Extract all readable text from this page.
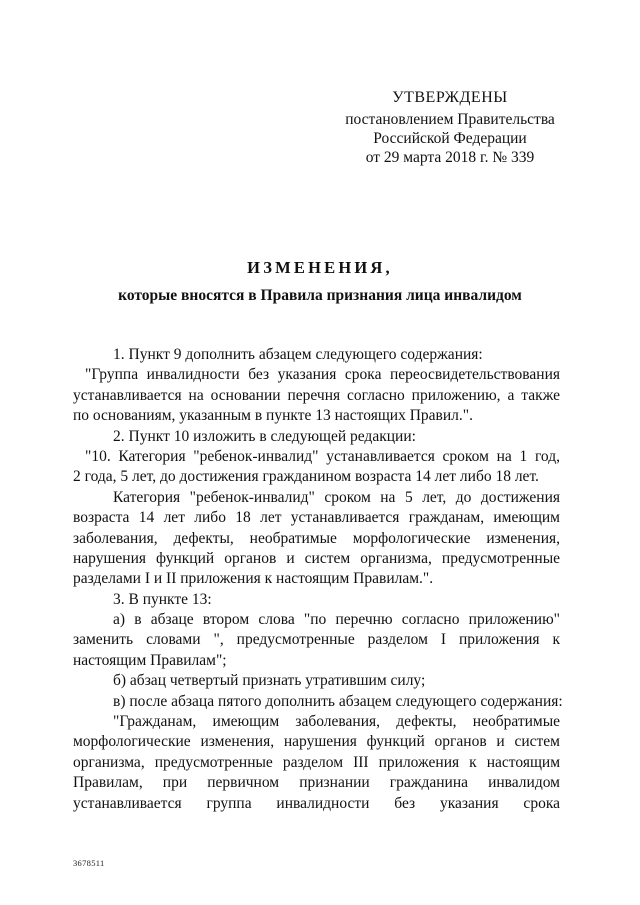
УТВЕРЖДЕНЫ
постановлением Правительства
Российской Федерации
от 29 марта 2018 г. № 339
ИЗМЕНЕНИЯ,
которые вносятся в Правила признания лица инвалидом
1. Пункт 9 дополнить абзацем следующего содержания:
"Группа инвалидности без указания срока переосвидетельствования
устанавливается на основании перечня согласно приложению, а также
по основаниям, указанным в пункте 13 настоящих Правил.".
2. Пункт 10 изложить в следующей редакции:
"10. Категория "ребенок-инвалид" устанавливается сроком на 1 год,
2 года, 5 лет, до достижения гражданином возраста 14 лет либо 18 лет.
Категория "ребенок-инвалид" сроком на 5 лет, до достижения
возраста 14 лет либо 18 лет устанавливается гражданам, имеющим
заболевания, дефекты, необратимые морфологические изменения,
нарушения функций органов и систем организма, предусмотренные
разделами I и II приложения к настоящим Правилам.".
3. В пункте 13:
а) в абзаце втором слова "по перечню согласно приложению"
заменить словами ", предусмотренные разделом I приложения к
настоящим Правилам";
б) абзац четвертый признать утратившим силу;
в) после абзаца пятого дополнить абзацем следующего содержания:
"Гражданам, имеющим заболевания, дефекты, необратимые
морфологические изменения, нарушения функций органов и систем
организма, предусмотренные разделом III приложения к настоящим
Правилам, при первичном признании гражданина инвалидом
устанавливается группа инвалидности без указания срока
3678511
